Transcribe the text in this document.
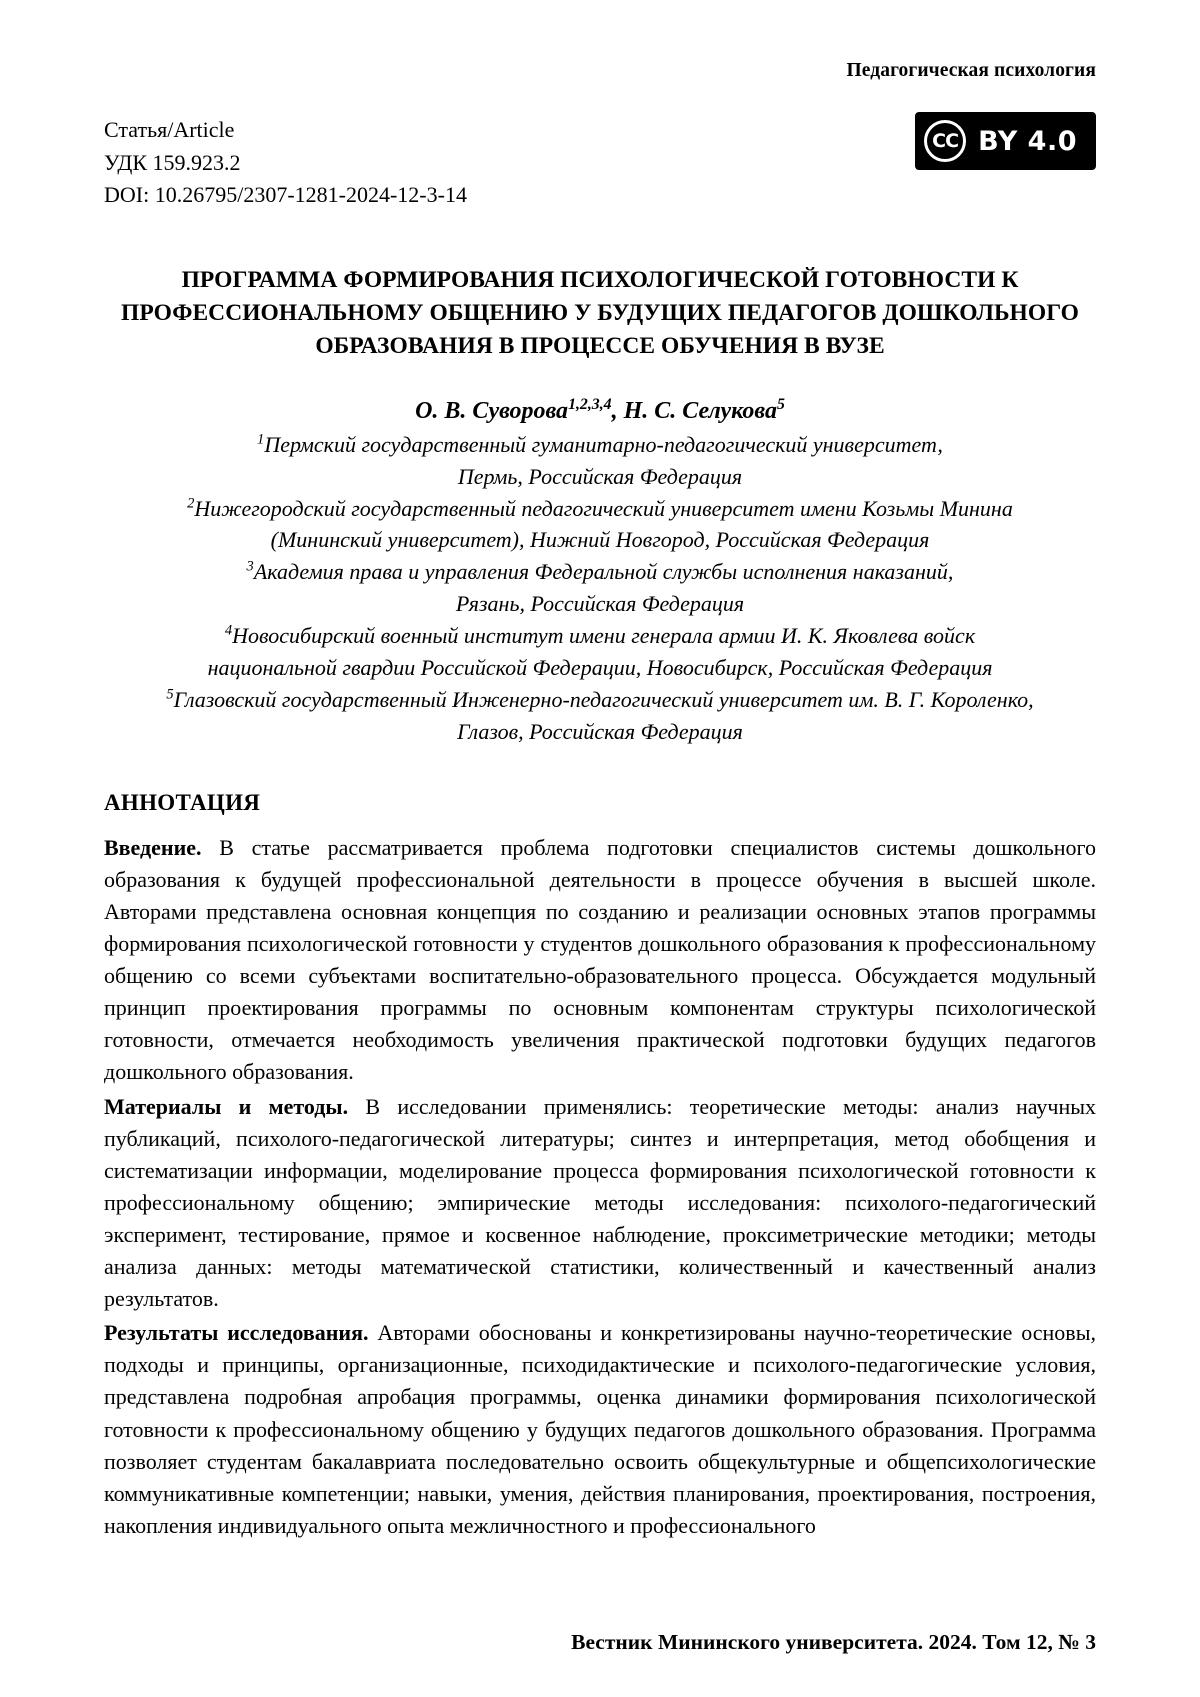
Педагогическая психология
Статья/Article
УДК 159.923.2
DOI: 10.26795/2307-1281-2024-12-3-14
CC BY 4.0
ПРОГРАММА ФОРМИРОВАНИЯ ПСИХОЛОГИЧЕСКОЙ ГОТОВНОСТИ К ПРОФЕССИОНАЛЬНОМУ ОБЩЕНИЮ У БУДУЩИХ ПЕДАГОГОВ ДОШКОЛЬНОГО ОБРАЗОВАНИЯ В ПРОЦЕССЕ ОБУЧЕНИЯ В ВУЗЕ
О. В. Суворова$^{1,2,3,4}$, Н. С. Селукова$^5$
$^1$Пермский государственный гуманитарно-педагогический университет,
Пермь, Российская Федерация
$^2$Нижегородский государственный педагогический университет имени Козьмы Минина
(Мининский университет), Нижний Новгород, Российская Федерация
$^3$Академия права и управления Федеральной службы исполнения наказаний,
Рязань, Российская Федерация
$^4$Новосибирский военный институт имени генерала армии И. К. Яковлева войск
национальной гвардии Российской Федерации, Новосибирск, Российская Федерация
$^5$Глазовский государственный Инженерно-педагогический университет им. В. Г. Короленко,
Глазов, Российская Федерация
АННОТАЦИЯ

Введение. В статье рассматривается проблема подготовки специалистов системы дошкольного образования к будущей профессиональной деятельности в процессе обучения в высшей школе. Авторами представлена основная концепция по созданию и реализации основных этапов программы формирования психологической готовности у студентов дошкольного образования к профессиональному общению со всеми субъектами воспитательно-образовательного процесса. Обсуждается модульный принцип проектирования программы по основным компонентам структуры психологической готовности, отмечается необходимость увеличения практической подготовки будущих педагогов дошкольного образования.

Материалы и методы. В исследовании применялись: теоретические методы: анализ научных публикаций, психолого-педагогической литературы; синтез и интерпретация, метод обобщения и систематизации информации, моделирование процесса формирования психологической готовности к профессиональному общению; эмпирические методы исследования: психолого-педагогический эксперимент, тестирование, прямое и косвенное наблюдение, проксиметрические методики; методы анализа данных: методы математической статистики, количественный и качественный анализ результатов.

Результаты исследования. Авторами обоснованы и конкретизированы научно-теоретические основы, подходы и принципы, организационные, психодидактические и психолого-педагогические условия, представлена подробная апробация программы, оценка динамики формирования психологической готовности к профессиональному общению у будущих педагогов дошкольного образования. Программа позволяет студентам бакалавриата последовательно освоить общекультурные и общепсихологические коммуникативные компетенции; навыки, умения, действия планирования, проектирования, построения, накопления индивидуального опыта межличностного и профессионального

Вестник Мининского университета. 2024. Том 12, № 3
